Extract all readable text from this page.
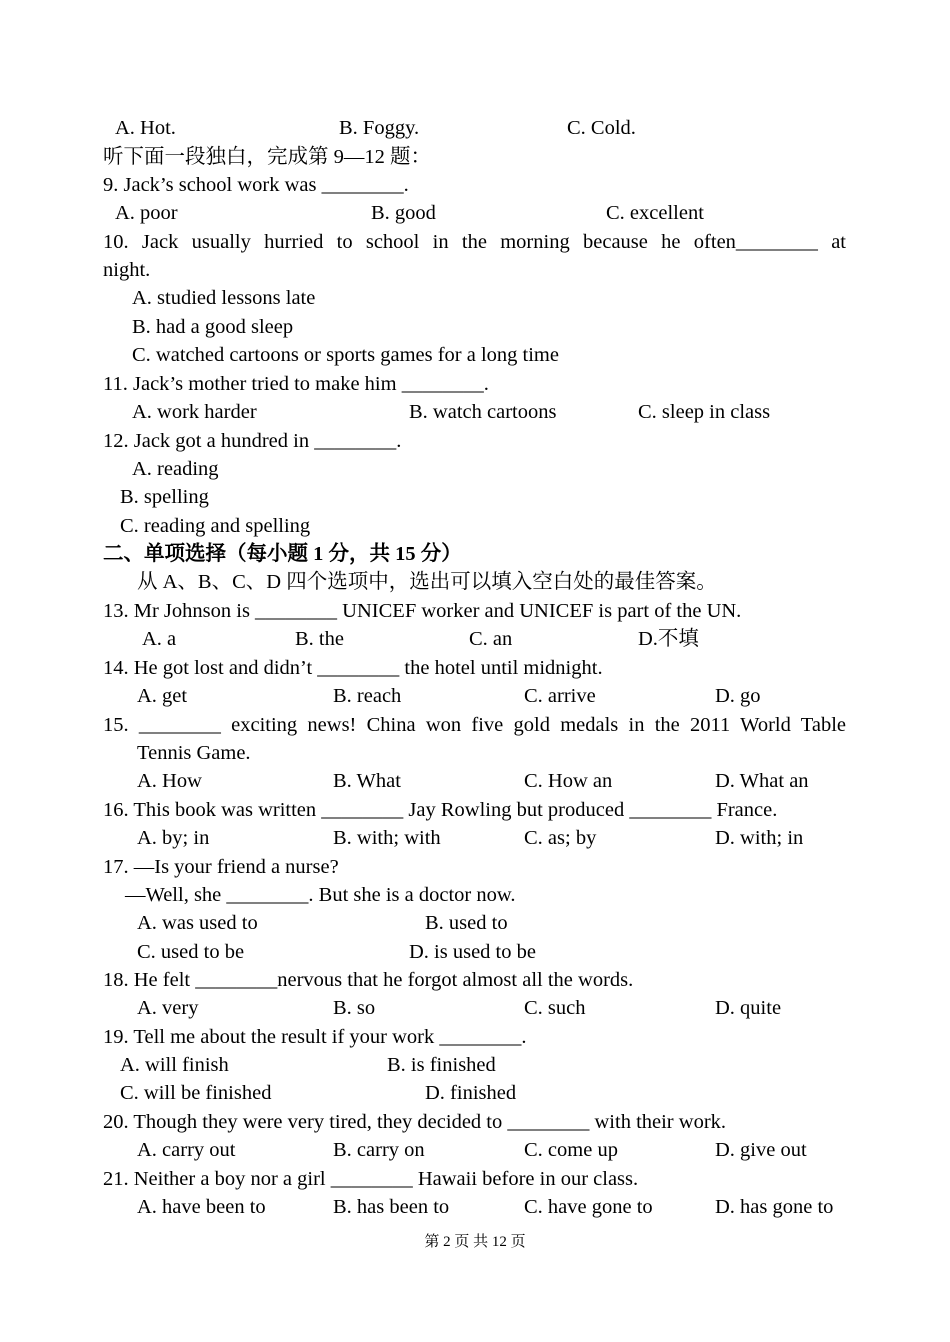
A. Hot.	B. Foggy.	C. Cold.
听下面一段独白，完成第 9—12 题：
9. Jack’s school work was ________.
A. poor	B. good	C. excellent
10. Jack usually hurried to school in the morning because he often________ at
night.
A. studied lessons late
B. had a good sleep
C. watched cartoons or sports games for a long time
11. Jack’s mother tried to make him ________.
A. work harder	B. watch cartoons	C. sleep in class
12. Jack got a hundred in ________.
A. reading
B. spelling
C. reading and spelling
二、单项选择（每小题 1 分，共 15 分）
从 A、B、C、D 四个选项中，选出可以填入空白处的最佳答案。
13. Mr Johnson is ________ UNICEF worker and UNICEF is part of the UN.
A. a	B. the	C. an	D.不填
14. He got lost and didn’t ________ the hotel until midnight.
A. get	B. reach	C. arrive	D. go
15. ________ exciting news! China won five gold medals in the 2011 World Table
Tennis Game.
A. How	B. What	C. How an	D. What an
16. This book was written ________ Jay Rowling but produced ________ France.
A. by; in	B. with; with	C. as; by	D. with; in
17. —Is your friend a nurse?
—Well, she ________. But she is a doctor now.
A. was used to	B. used to
C. used to be	D. is used to be
18. He felt ________nervous that he forgot almost all the words.
A. very	B. so	C. such	D. quite
19. Tell me about the result if your work ________.
A. will finish	B. is finished
C. will be finished	D. finished
20. Though they were very tired, they decided to ________ with their work.
A. carry out	B. carry on	C. come up	D. give out
21. Neither a boy nor a girl ________ Hawaii before in our class.
A. have been to	B. has been to	C. have gone to	D. has gone to
第 2 页 共 12 页
